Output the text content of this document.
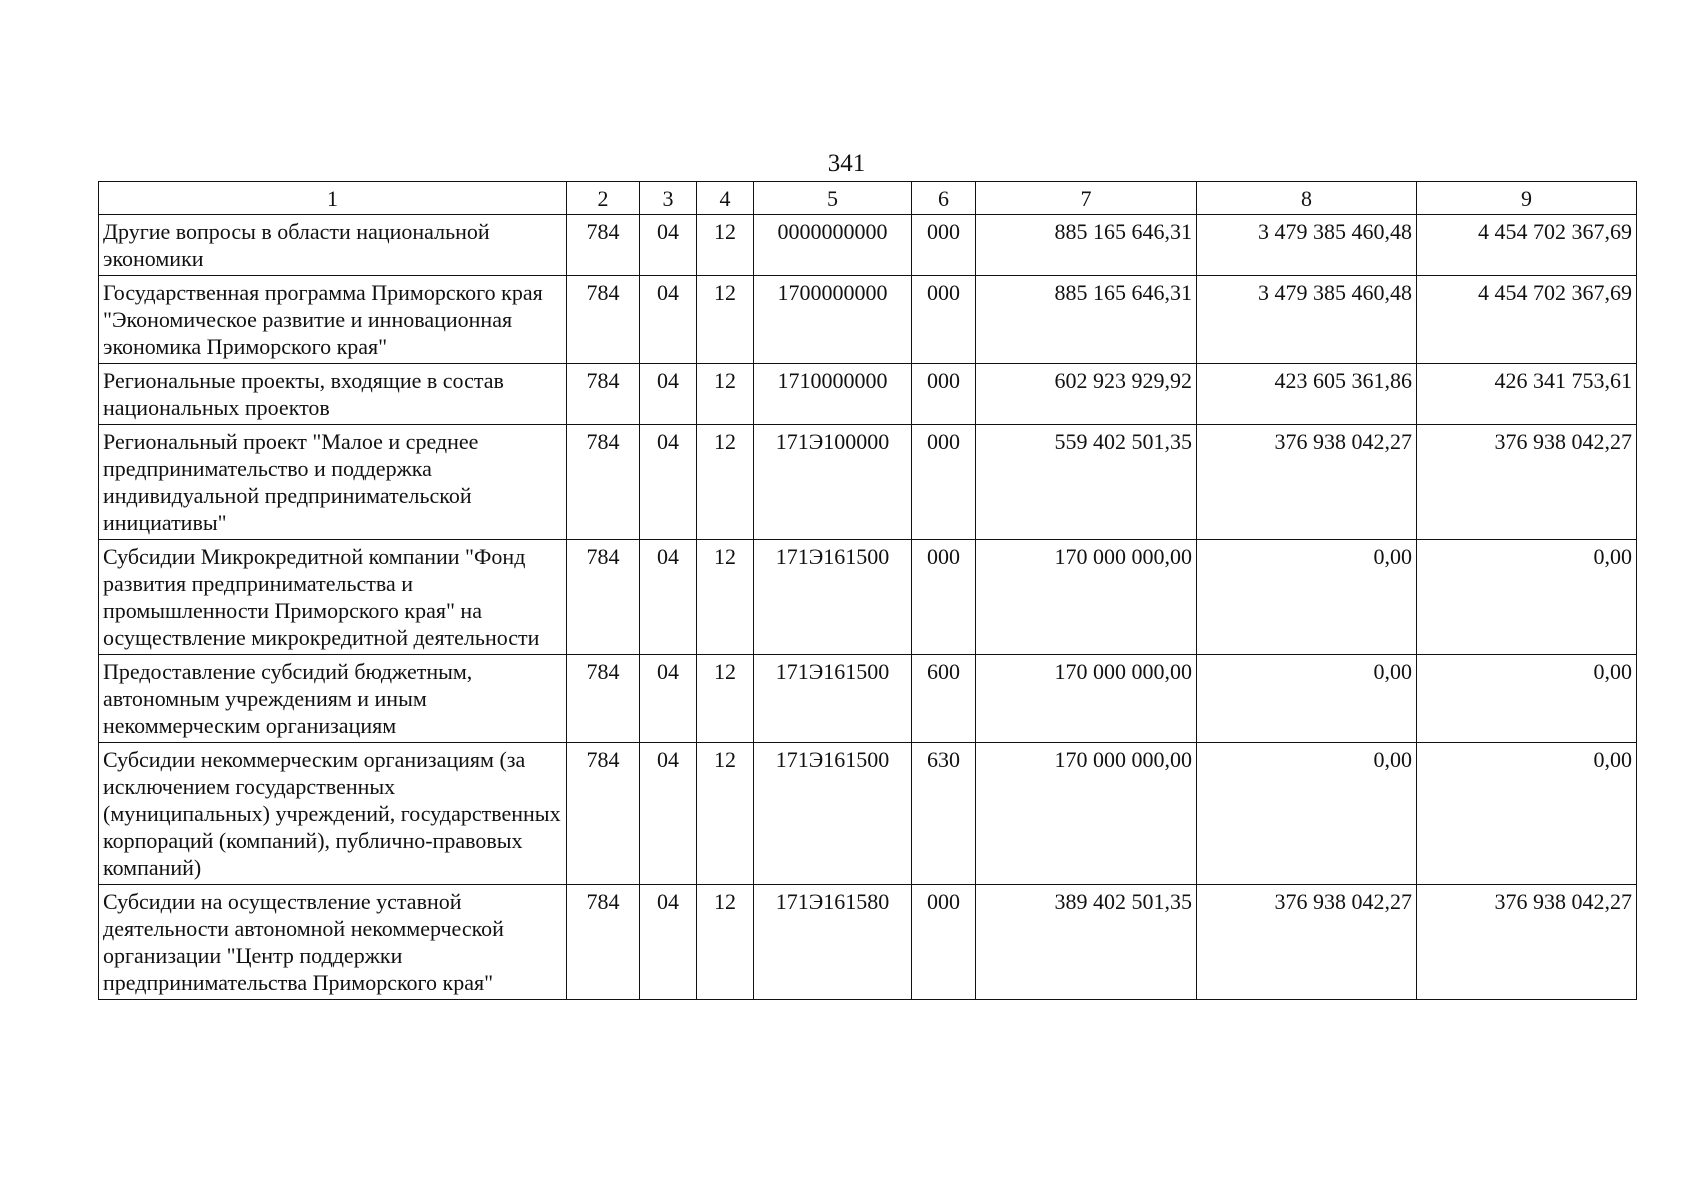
341
1	2	3	4	5	6	7	8	9
Другие вопросы в области национальной экономики	784	04	12	0000000000	000	885 165 646,31	3 479 385 460,48	4 454 702 367,69
Государственная программа Приморского края "Экономическое развитие и инновационная экономика Приморского края"	784	04	12	1700000000	000	885 165 646,31	3 479 385 460,48	4 454 702 367,69
Региональные проекты, входящие в состав национальных проектов	784	04	12	1710000000	000	602 923 929,92	423 605 361,86	426 341 753,61
Региональный проект "Малое и среднее предпринимательство и поддержка индивидуальной предпринимательской инициативы"	784	04	12	171Э100000	000	559 402 501,35	376 938 042,27	376 938 042,27
Субсидии Микрокредитной компании "Фонд развития предпринимательства и промышленности Приморского края" на осуществление микрокредитной деятельности	784	04	12	171Э161500	000	170 000 000,00	0,00	0,00
Предоставление субсидий бюджетным, автономным учреждениям и иным некоммерческим организациям	784	04	12	171Э161500	600	170 000 000,00	0,00	0,00
Субсидии некоммерческим организациям (за исключением государственных (муниципальных) учреждений, государственных корпораций (компаний), публично-правовых компаний)	784	04	12	171Э161500	630	170 000 000,00	0,00	0,00
Субсидии на осуществление уставной деятельности автономной некоммерческой организации "Центр поддержки предпринимательства Приморского края"	784	04	12	171Э161580	000	389 402 501,35	376 938 042,27	376 938 042,27
